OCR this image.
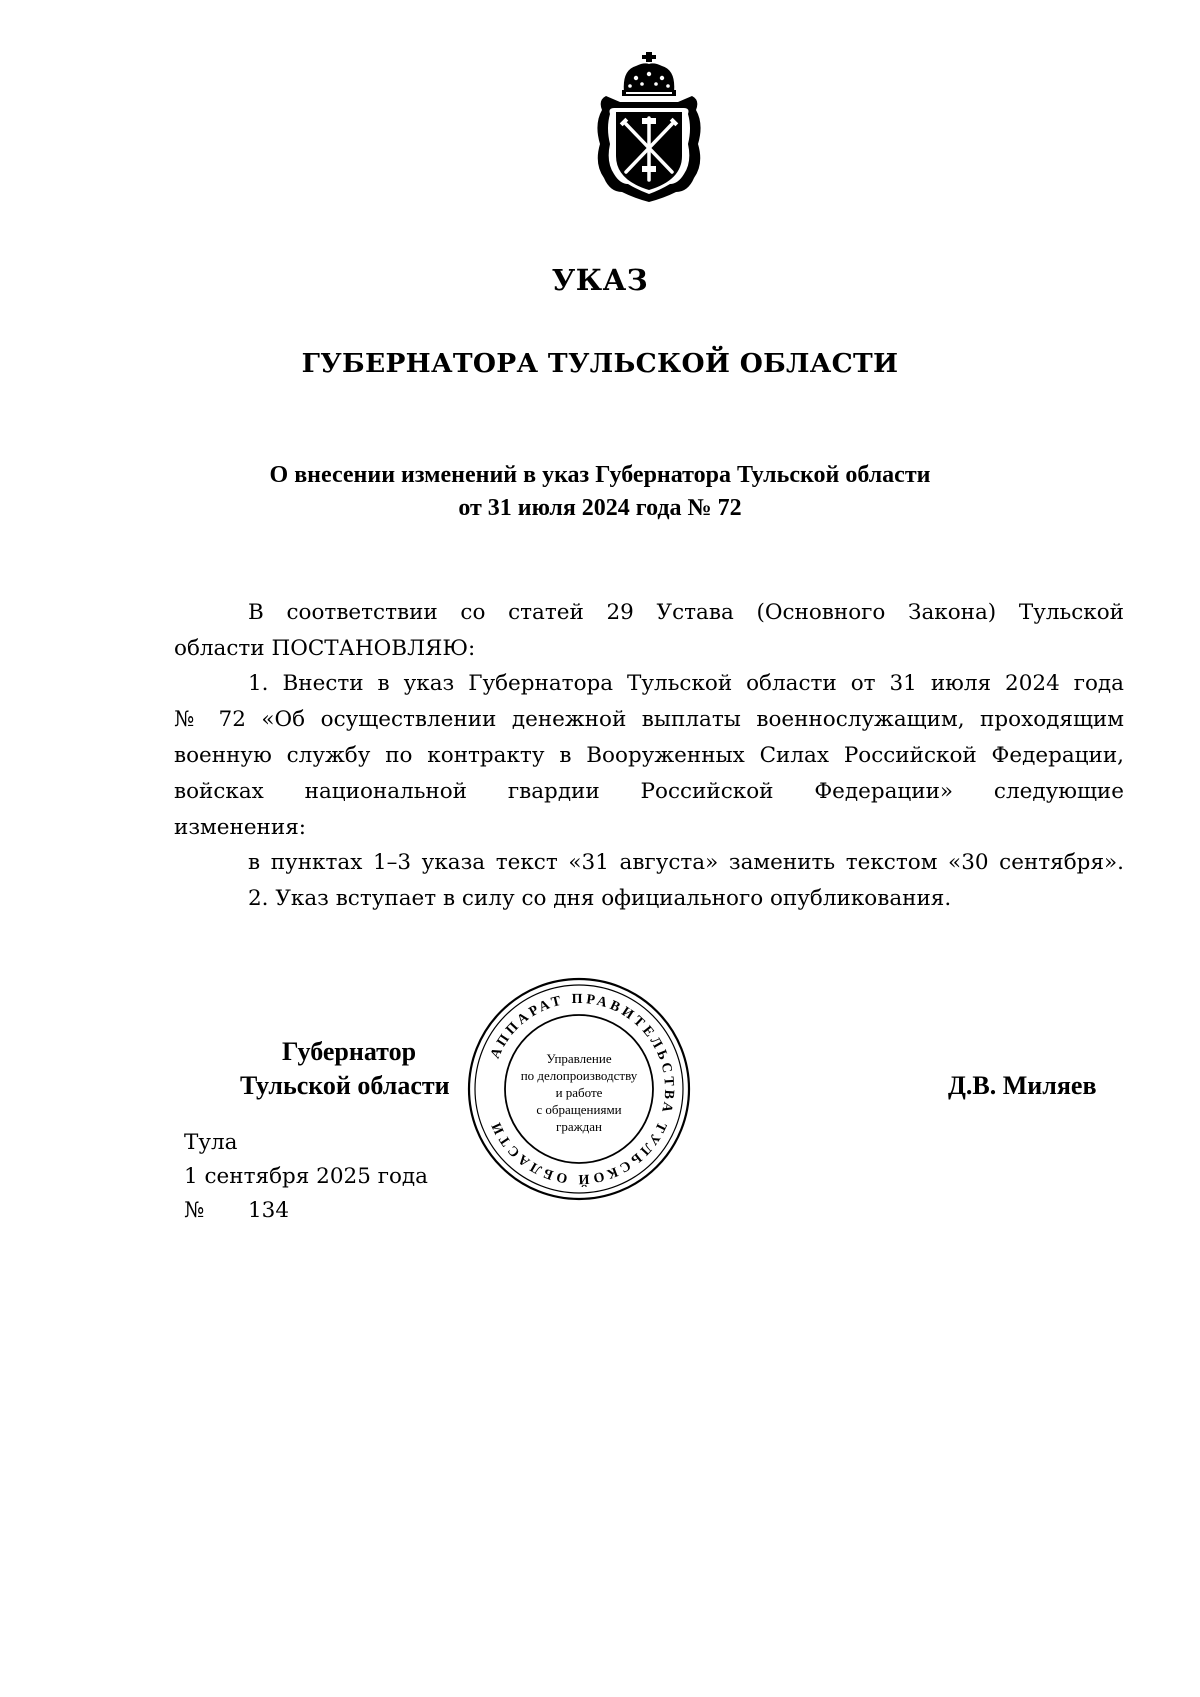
УКАЗ
ГУБЕРНАТОРА ТУЛЬСКОЙ ОБЛАСТИ
О внесении изменений в указ Губернатора Тульской области
от 31 июля 2024 года № 72
В соответствии со статей 29 Устава (Основного Закона) Тульской
области ПОСТАНОВЛЯЮ:
1. Внести в указ Губернатора Тульской области от 31 июля 2024 года
№ 72 «Об осуществлении денежной выплаты военнослужащим, проходящим
военную службу по контракту в Вооруженных Силах Российской Федерации,
войсках национальной гвардии Российской Федерации» следующие
изменения:
в пунктах 1–3 указа текст «31 августа» заменить текстом «30 сентября».
2. Указ вступает в силу со дня официального опубликования.
Губернатор
Тульской области	Д.В. Миляев
АППАРАТ ПРАВИТЕЛЬСТВА ТУЛЬСКОЙ ОБЛАСТИ
Управление
по делопроизводству
и работе
с обращениями
граждан
Тула
1 сентября 2025 года
№ 134
